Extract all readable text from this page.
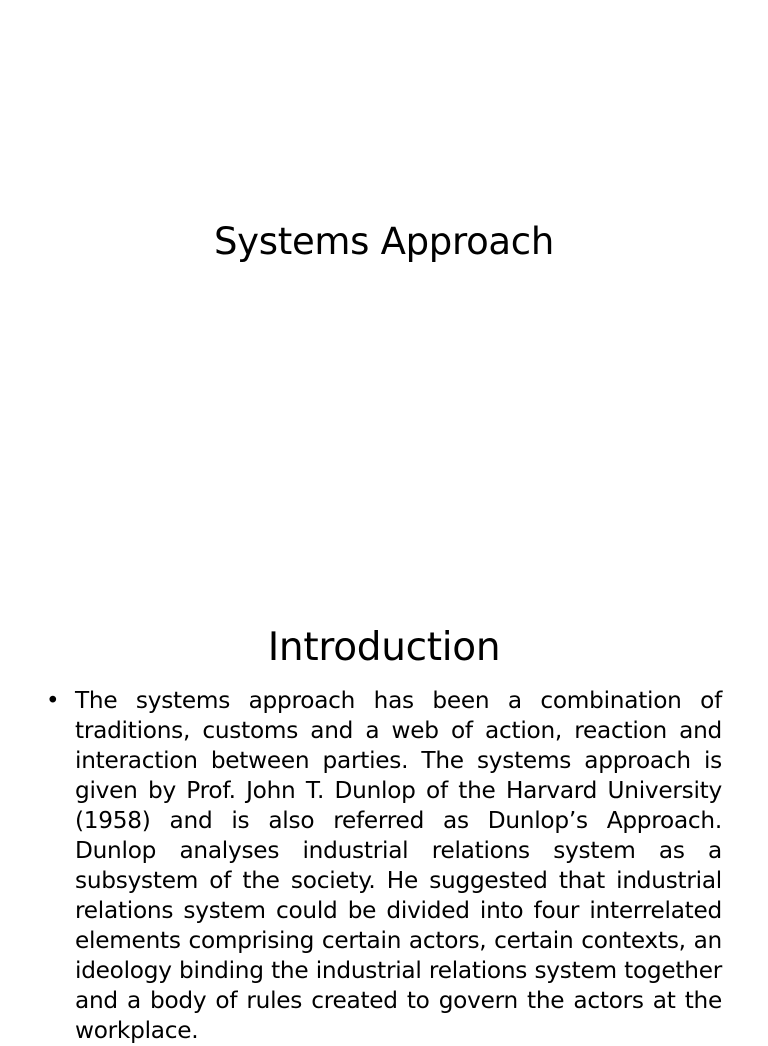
Systems Approach
Introduction
• The systems approach has been a combination of traditions, customs and a web of action, reaction and interaction between parties. The systems approach is given by Prof. John T. Dunlop of the Harvard University (1958) and is also referred as Dunlop’s Approach. Dunlop analyses industrial relations system as a subsystem of the society. He suggested that industrial relations system could be divided into four interrelated elements comprising certain actors, certain contexts, an ideology binding the industrial relations system together and a body of rules created to govern the actors at the workplace.
